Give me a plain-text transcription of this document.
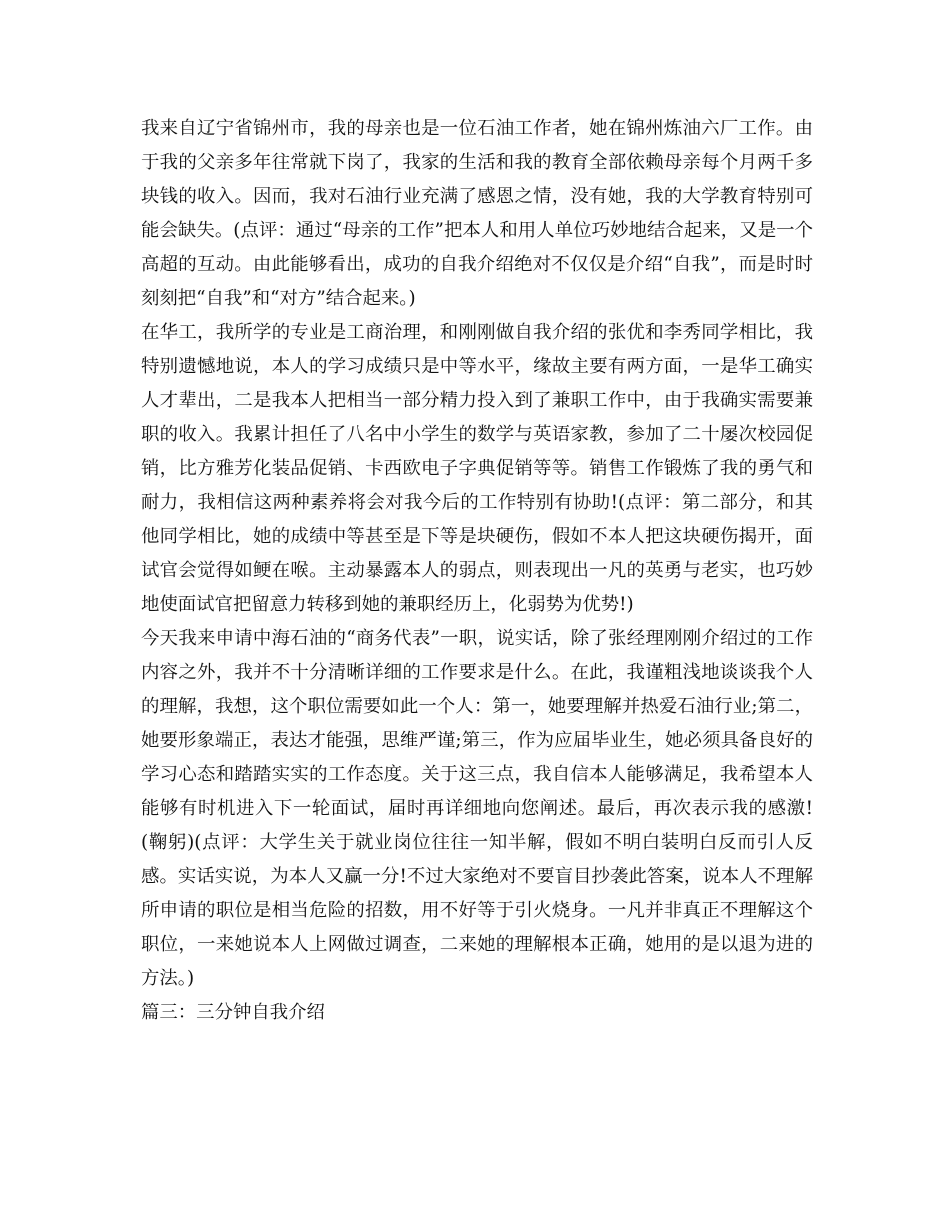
我来自辽宁省锦州市，我的母亲也是一位石油工作者，她在锦州炼油六厂工作。由于我的父亲多年往常就下岗了，我家的生活和我的教育全部依赖母亲每个月两千多块钱的收入。因而，我对石油行业充满了感恩之情，没有她，我的大学教育特别可能会缺失。(点评：通过“母亲的工作”把本人和用人单位巧妙地结合起来，又是一个高超的互动。由此能够看出，成功的自我介绍绝对不仅仅是介绍“自我”，而是时时刻刻把“自我”和“对方”结合起来。)

在华工，我所学的专业是工商治理，和刚刚做自我介绍的张优和李秀同学相比，我特别遗憾地说，本人的学习成绩只是中等水平，缘故主要有两方面，一是华工确实人才辈出，二是我本人把相当一部分精力投入到了兼职工作中，由于我确实需要兼职的收入。我累计担任了八名中小学生的数学与英语家教，参加了二十屡次校园促销，比方雅芳化装品促销、卡西欧电子字典促销等等。销售工作锻炼了我的勇气和耐力，我相信这两种素养将会对我今后的工作特别有协助!(点评：第二部分，和其他同学相比，她的成绩中等甚至是下等是块硬伤，假如不本人把这块硬伤揭开，面试官会觉得如鲠在喉。主动暴露本人的弱点，则表现出一凡的英勇与老实，也巧妙地使面试官把留意力转移到她的兼职经历上，化弱势为优势!)

今天我来申请中海石油的“商务代表”一职，说实话，除了张经理刚刚介绍过的工作内容之外，我并不十分清晰详细的工作要求是什么。在此，我谨粗浅地谈谈我个人的理解，我想，这个职位需要如此一个人：第一，她要理解并热爱石油行业;第二，她要形象端正，表达才能强，思维严谨;第三，作为应届毕业生，她必须具备良好的学习心态和踏踏实实的工作态度。关于这三点，我自信本人能够满足，我希望本人能够有时机进入下一轮面试，届时再详细地向您阐述。最后，再次表示我的感激!(鞠躬)(点评：大学生关于就业岗位往往一知半解，假如不明白装明白反而引人反感。实话实说，为本人又赢一分!不过大家绝对不要盲目抄袭此答案，说本人不理解所申请的职位是相当危险的招数，用不好等于引火烧身。一凡并非真正不理解这个职位，一来她说本人上网做过调查，二来她的理解根本正确，她用的是以退为进的方法。)

篇三：三分钟自我介绍
